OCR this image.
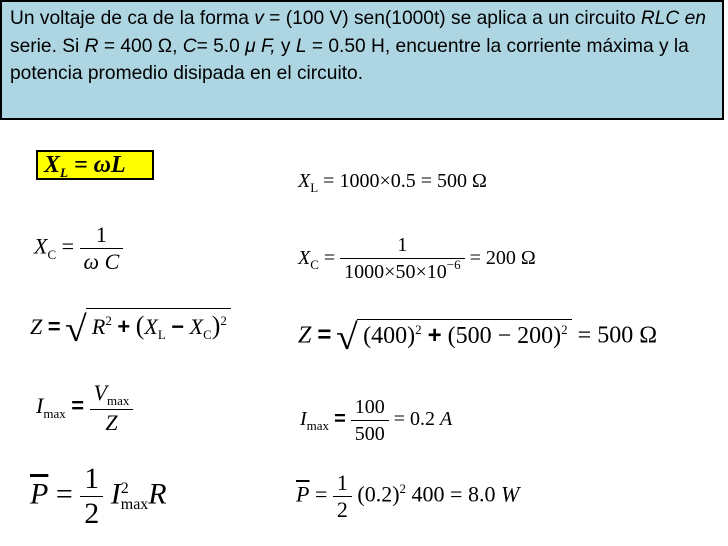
Un voltaje de ca de la forma v = (100 V) sen(1000t) se aplica a un circuito RLC en serie. Si R = 400 Ω, C= 5.0 μ F, y L = 0.50 H, encuentre la corriente máxima y la potencia promedio disipada en el circuito.
$X_L = \omega L$
$X_C = \frac{1}{\text{ω C}}$
Z = √ $R^2 + (X_L - X_C)^2$
$I_{max} = \frac{V_{max}}{Z}$
$\overline{P} = \frac{1}{2}$ I 2
max R
$X_L = 1000\times 0.5 = 500$ Ω
$X_C = \frac{1}{1000\times 50\times 10^{-6}} = 200$ Ω
Z = √ $(400)^2 + (500 - 200)^2 = 500$ Ω
$I_{max} = \frac{100}{500} = 0.2$ A
$\overline{P} = \frac{1}{2} (0.2)^2$ 400 = 8.0 W
